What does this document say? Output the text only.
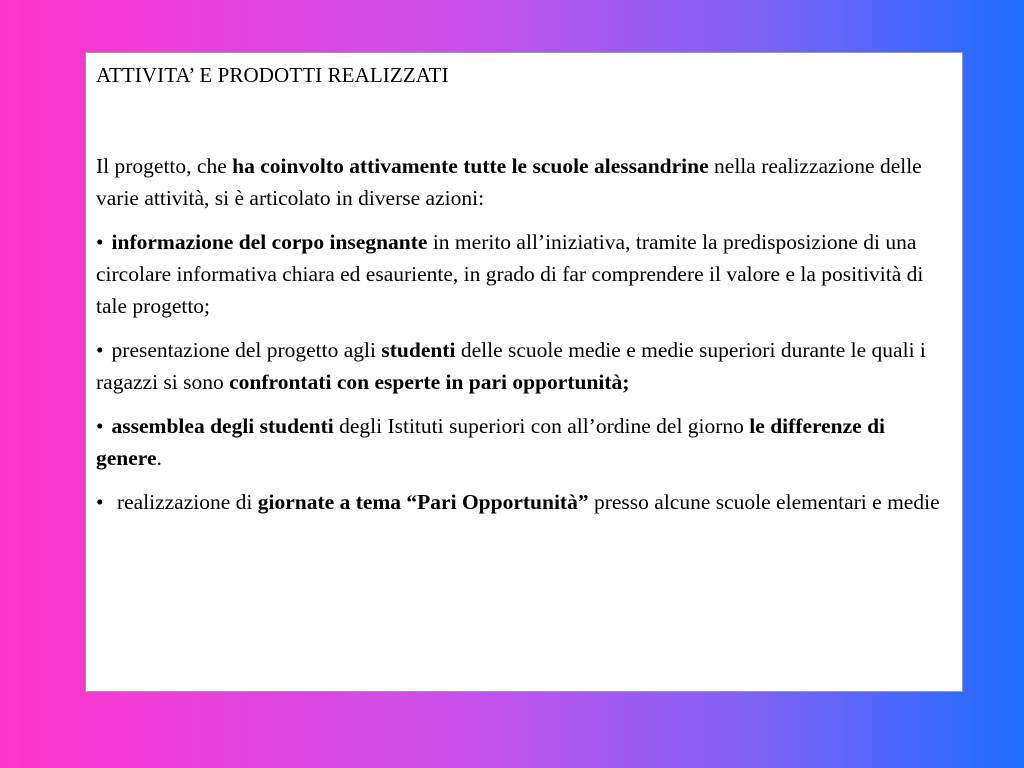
ATTIVITA’ E PRODOTTI REALIZZATI

Il progetto, che ha coinvolto attivamente tutte le scuole alessandrine nella realizzazione delle varie attività, si è articolato in diverse azioni:

• informazione del corpo insegnante in merito all’iniziativa, tramite la predisposizione di una circolare informativa chiara ed esauriente, in grado di far comprendere il valore e la positività di tale progetto;

• presentazione del progetto agli studenti delle scuole medie e medie superiori durante le quali i ragazzi si sono confrontati con esperte in pari opportunità;

• assemblea degli studenti degli Istituti superiori con all’ordine del giorno le differenze di genere.

• realizzazione di giornate a tema “Pari Opportunità” presso alcune scuole elementari e medie
